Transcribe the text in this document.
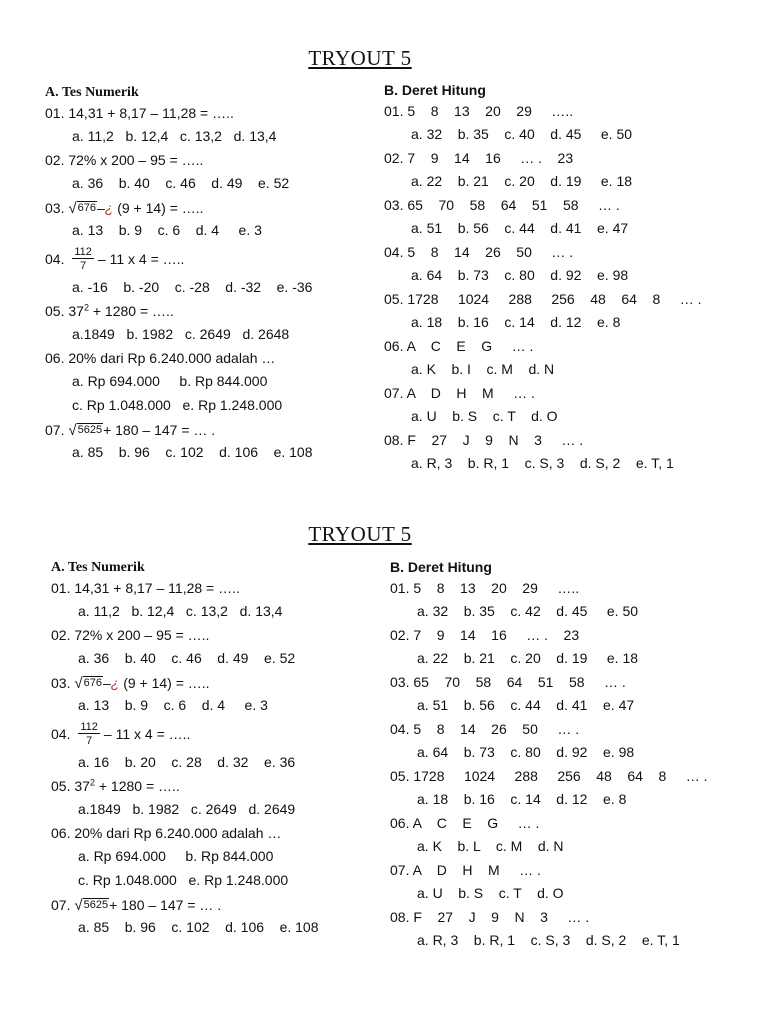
TRYOUT 5
A. Tes Numerik
01. 14,31 + 8,17 – 11,28 = …..
a. 11,2   b. 12,4   c. 13,2   d. 13,4
02. 72% x 200 – 95 = …..
a. 36    b. 40    c. 46    d. 49    e. 52
03. √ 676 –¿ (9 + 14) = …..
a. 13    b. 9    c. 6    d. 4     e. 3
04. $\frac{112}{7} - 11$ x 4 = …..
a. -16    b. -20    c. -28    d. -32    e. -36
05. $37^2 + 1280$ = …..
a.1849   b. 1982   c. 2649   d. 2648
06. 20% dari Rp 6.240.000 adalah …
a. Rp 694.000     b. Rp 844.000
c. Rp 1.048.000   e. Rp 1.248.000
07. √ 5625 + 180 – 147 = … .
a. 85    b. 96    c. 102    d. 106    e. 108
B. Deret Hitung
01. 5    8    13    20    29     …..
a. 32    b. 35    c. 40    d. 45     e. 50
02. 7    9    14    16     … .    23
a. 22    b. 21    c. 20    d. 19     e. 18
03. 65    70    58    64    51    58     … .
a. 51    b. 56    c. 44    d. 41    e. 47
04. 5    8    14    26    50     … .
a. 64    b. 73    c. 80    d. 92    e. 98
05. 1728     1024     288     256    48    64    8     … .
a. 18    b. 16    c. 14    d. 12    e. 8
06. A    C    E    G     … .
a. K    b. I    c. M    d. N
07. A    D    H    M     … .
a. U    b. S    c. T    d. O
08. F    27    J    9    N    3     … .
a. R, 3    b. R, 1    c. S, 3    d. S, 2    e. T, 1
TRYOUT 5
A. Tes Numerik
01. 14,31 + 8,17 – 11,28 = …..
a. 11,2   b. 12,4   c. 13,2   d. 13,4
02. 72% x 200 – 95 = …..
a. 36    b. 40    c. 46    d. 49    e. 52
03. √ 676 –¿ (9 + 14) = …..
a. 13    b. 9    c. 6    d. 4     e. 3
04. $\frac{112}{7} - 11$ x 4 = …..
a. 16    b. 20    c. 28    d. 32    e. 36
05. $37^2 + 1280$ = …..
a.1849   b. 1982   c. 2649   d. 2649
06. 20% dari Rp 6.240.000 adalah …
a. Rp 694.000     b. Rp 844.000
c. Rp 1.048.000   e. Rp 1.248.000
07. √ 5625 + 180 – 147 = … .
a. 85    b. 96    c. 102    d. 106    e. 108
B. Deret Hitung
01. 5    8    13    20    29     …..
a. 32    b. 35    c. 42    d. 45     e. 50
02. 7    9    14    16     … .    23
a. 22    b. 21    c. 20    d. 19     e. 18
03. 65    70    58    64    51    58     … .
a. 51    b. 56    c. 44    d. 41    e. 47
04. 5    8    14    26    50     … .
a. 64    b. 73    c. 80    d. 92    e. 98
05. 1728     1024     288     256    48    64    8     … .
a. 18    b. 16    c. 14    d. 12    e. 8
06. A    C    E    G     … .
a. K    b. L    c. M    d. N
07. A    D    H    M     … .
a. U    b. S    c. T    d. O
08. F    27    J    9    N    3     … .
a. R, 3    b. R, 1    c. S, 3    d. S, 2    e. T, 1
